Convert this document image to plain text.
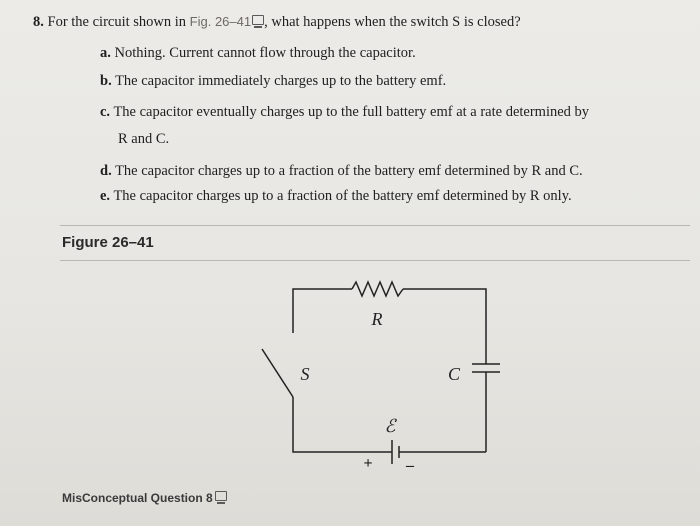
8. For the circuit shown in Fig. 26–41 , what happens when the switch S is closed?
a. Nothing. Current cannot flow through the capacitor.
b. The capacitor immediately charges up to the battery emf.
c. The capacitor eventually charges up to the full battery emf at a rate determined by
R and C.
d. The capacitor charges up to a fraction of the battery emf determined by R and C.
e. The capacitor charges up to a fraction of the battery emf determined by R only.
Figure 26–41
R
S	C
ℰ
+ –
MisConceptual Question 8
